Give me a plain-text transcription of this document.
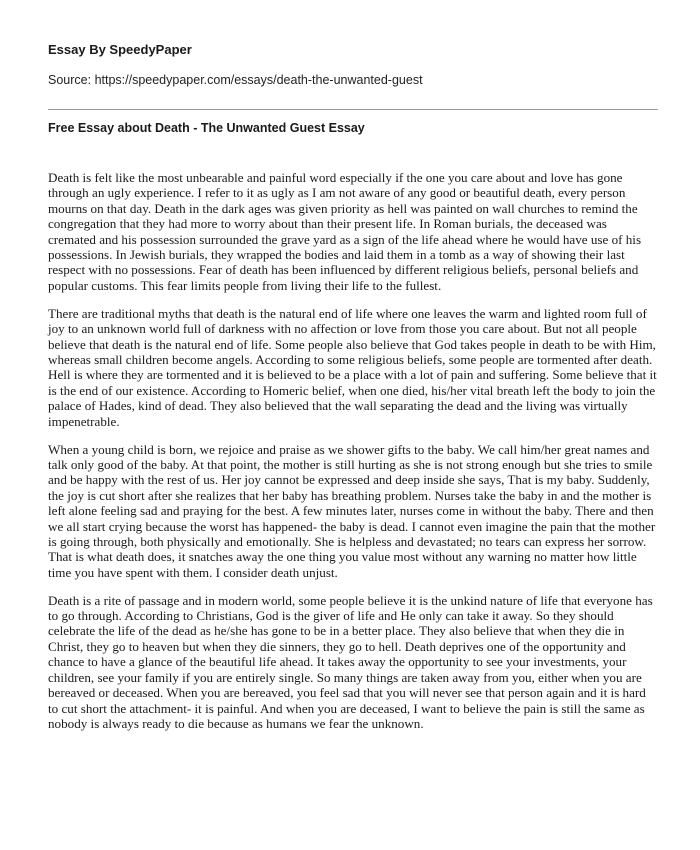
Essay By SpeedyPaper

Source: https://speedypaper.com/essays/death-the-unwanted-guest

Free Essay about Death - The Unwanted Guest Essay

Death is felt like the most unbearable and painful word especially if the one you care about and love has gone through an ugly experience. I refer to it as ugly as I am not aware of any good or beautiful death, every person mourns on that day. Death in the dark ages was given priority as hell was painted on wall churches to remind the congregation that they had more to worry about than their present life. In Roman burials, the deceased was cremated and his possession surrounded the grave yard as a sign of the life ahead where he would have use of his possessions. In Jewish burials, they wrapped the bodies and laid them in a tomb as a way of showing their last respect with no possessions. Fear of death has been influenced by different religious beliefs, personal beliefs and popular customs. This fear limits people from living their life to the fullest.

There are traditional myths that death is the natural end of life where one leaves the warm and lighted room full of joy to an unknown world full of darkness with no affection or love from those you care about. But not all people believe that death is the natural end of life. Some people also believe that God takes people in death to be with Him, whereas small children become angels. According to some religious beliefs, some people are tormented after death. Hell is where they are tormented and it is believed to be a place with a lot of pain and suffering. Some believe that it is the end of our existence. According to Homeric belief, when one died, his/her vital breath left the body to join the palace of Hades, kind of dead. They also believed that the wall separating the dead and the living was virtually impenetrable.

When a young child is born, we rejoice and praise as we shower gifts to the baby. We call him/her great names and talk only good of the baby. At that point, the mother is still hurting as she is not strong enough but she tries to smile and be happy with the rest of us. Her joy cannot be expressed and deep inside she says, That is my baby. Suddenly, the joy is cut short after she realizes that her baby has breathing problem. Nurses take the baby in and the mother is left alone feeling sad and praying for the best. A few minutes later, nurses come in without the baby. There and then we all start crying because the worst has happened- the baby is dead. I cannot even imagine the pain that the mother is going through, both physically and emotionally. She is helpless and devastated; no tears can express her sorrow. That is what death does, it snatches away the one thing you value most without any warning no matter how little time you have spent with them. I consider death unjust.

Death is a rite of passage and in modern world, some people believe it is the unkind nature of life that everyone has to go through. According to Christians, God is the giver of life and He only can take it away. So they should celebrate the life of the dead as he/she has gone to be in a better place. They also believe that when they die in Christ, they go to heaven but when they die sinners, they go to hell. Death deprives one of the opportunity and chance to have a glance of the beautiful life ahead. It takes away the opportunity to see your investments, your children, see your family if you are entirely single. So many things are taken away from you, either when you are bereaved or deceased. When you are bereaved, you feel sad that you will never see that person again and it is hard to cut short the attachment- it is painful. And when you are deceased, I want to believe the pain is still the same as nobody is always ready to die because as humans we fear the unknown.
